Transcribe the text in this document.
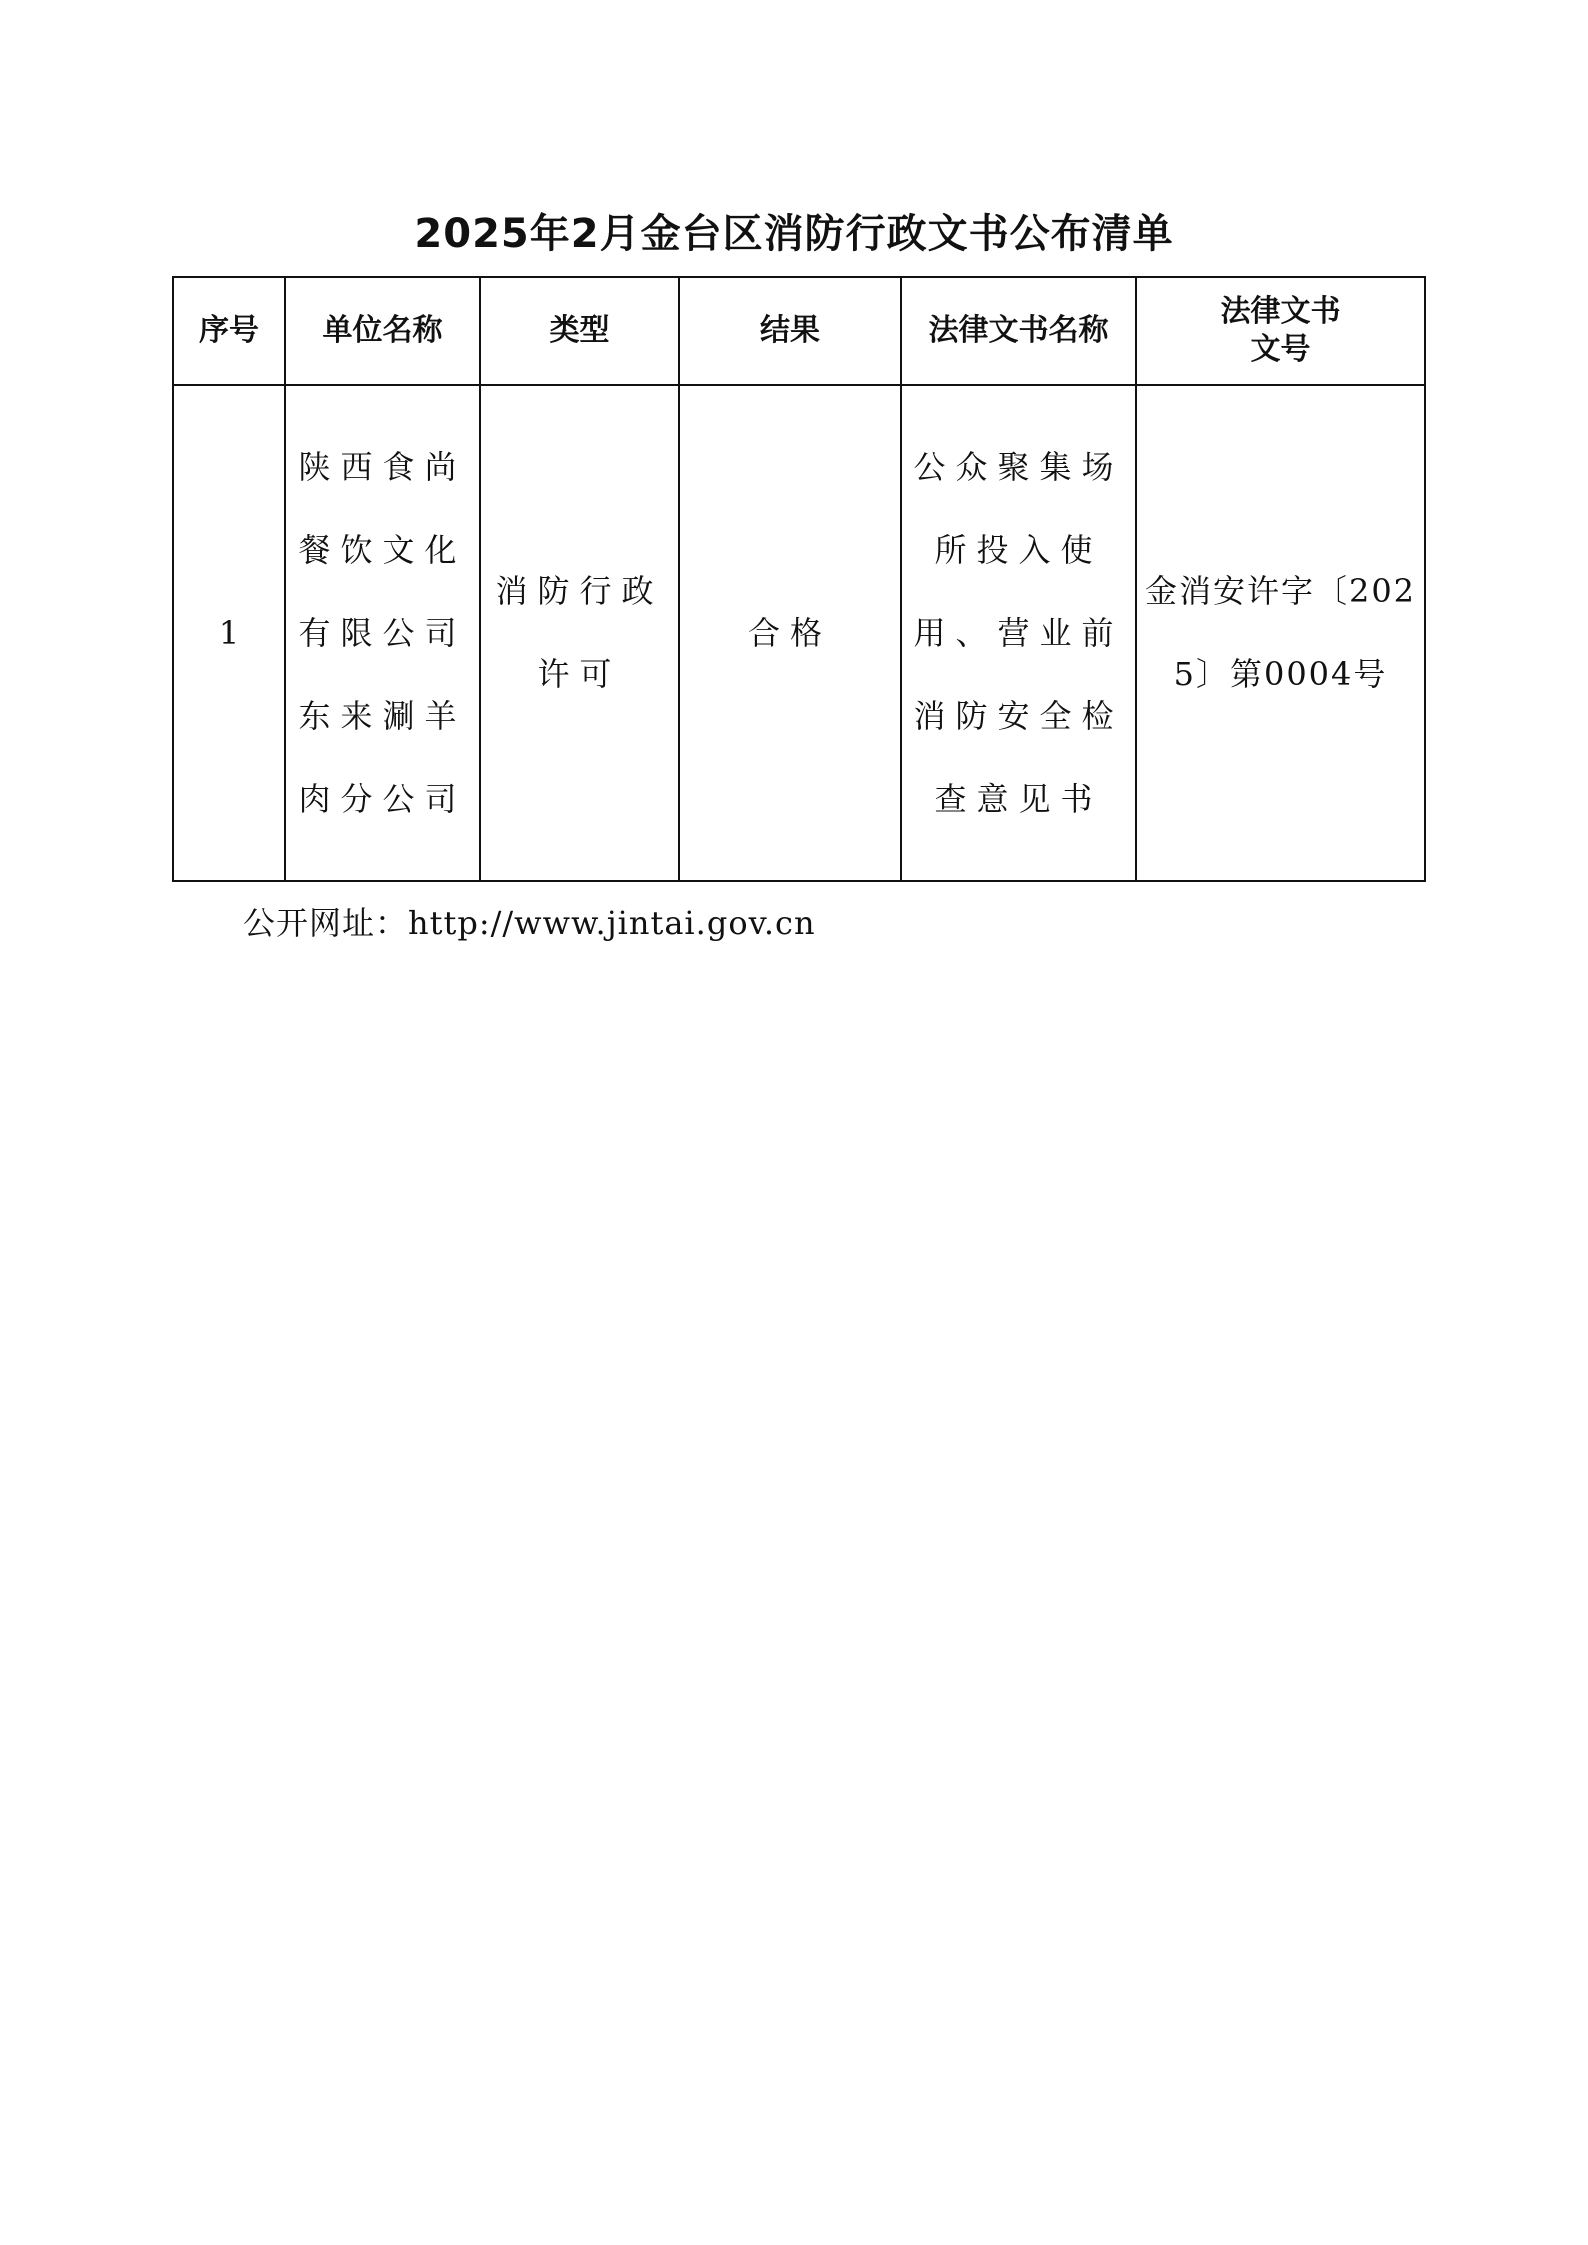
2025年2月金台区消防行政文书公布清单
序号	单位名称	类型	结果	法律文书名称	法律文书
文号

1	陕西食尚餐饮文化有限公司东来涮羊肉分公司	消防行政许可	合格	公众聚集场所投入使用、营业前消防安全检查意见书	金消安许字〔2025〕第0004号
公开网址：http://www.jintai.gov.cn
